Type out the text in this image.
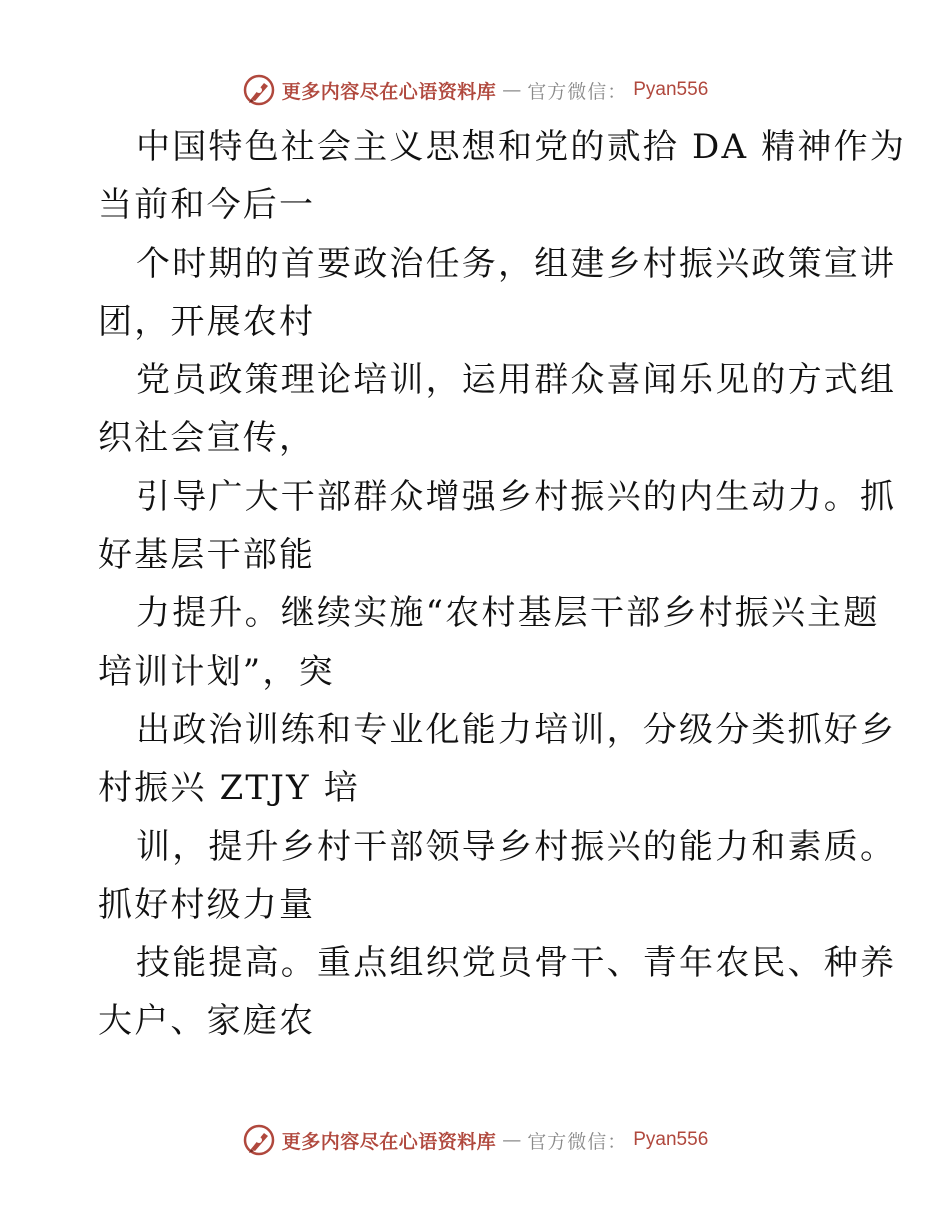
更多内容尽在心语资料库 — 官方微信： Pyan556
中国特色社会主义思想和党的贰拾 DA 精神作为
当前和今后一
个时期的首要政治任务，组建乡村振兴政策宣讲
团，开展农村
党员政策理论培训，运用群众喜闻乐见的方式组
织社会宣传，
引导广大干部群众增强乡村振兴的内生动力。抓
好基层干部能
力提升。继续实施“农村基层干部乡村振兴主题
培训计划”，突
出政治训练和专业化能力培训，分级分类抓好乡
村振兴 ZTJY 培
训，提升乡村干部领导乡村振兴的能力和素质。
抓好村级力量
技能提高。重点组织党员骨干、青年农民、种养
大户、家庭农
更多内容尽在心语资料库 — 官方微信： Pyan556
